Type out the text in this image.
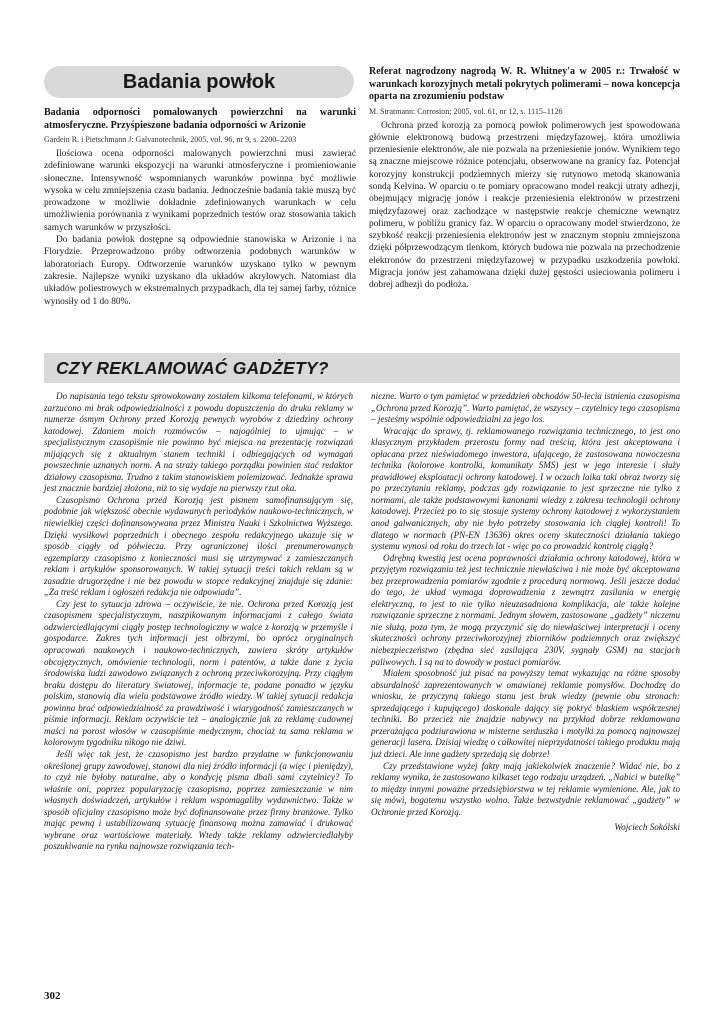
Badania powłok
Badania odporności pomalowanych powierzchni na warunki atmosferyczne. Przyśpieszone badania odporności w Arizonie
Gardein R. i Pietschmann J: Galvanotechnik, 2005, vol. 96, nr 9, s. 2200–2203

Ilościowa ocena odporności malowanych powierzchni musi zawierać zdefiniowane warunki ekspozycji na warunki atmosferyczne i promieniowanie słoneczne. Intensywność wspomnianych warunków powinna być możliwie wysoka w celu zmniejszenia czasu badania. Jednocześnie badania takie muszą być prowadzone w możliwie dokładnie zdefiniowanych warunkach w celu umożliwienia porównania z wynikami poprzednich testów oraz stosowania takich samych warunków w przyszłości.

Do badania powłok dostępne są odpowiednie stanowiska w Arizonie i na Florydzie. Przeprowadzono próby odtworzenia podobnych warunków w laboratoriach Europy. Odtworzenie warunków uzyskano tylko w pewnym zakresie. Najlepsze wyniki uzyskano dla układów akrylowych. Natomiast dla układów poliestrowych w ekstremalnych przypadkach, dla tej samej farby, różnice wynosiły od 1 do 80%.

Referat nagrodzony nagrodą W. R. Whitney'a w 2005 r.: Trwałość w warunkach korozyjnych metali pokrytych polimerami – nowa koncepcja oparta na zrozumieniu podstaw
M. Stratmann: Corrosion; 2005, vol. 61, nr 12, s. 1115–1126

Ochrona przed korozją za pomocą powłok polimerowych jest spowodowana głównie elektronową budową przestrzeni międzyfazowej, która umożliwia przeniesienie elektronów, ale nie pozwala na przeniesienie jonów. Wynikiem tego są znaczne miejscowe różnice potencjału, obserwowane na granicy faz. Potencjał korozyjny konstrukcji podziemnych mierzy się rutynowo metodą skanowania sondą Kelvina. W oparciu o te pomiary opracowano model reakcji utraty adhezji, obejmujący migrację jonów i reakcje przeniesienia elektronów w przestrzeni międzyfazowej oraz zachodzące w następstwie reakcje chemiczne wewnątrz polimeru, w pobliżu granicy faz. W oparciu o opracowany model stwierdzono, że szybkość reakcji przeniesienia elektronów jest w znacznym stopniu zmniejszona dzięki półprzewodzącym tlenkom, których budowa nie pozwala na przechodzenie elektronów do przestrzeni międzyfazowej w przypadku uszkodzenia powłoki. Migracja jonów jest zahamowana dzięki dużej gęstości usieciowania polimeru i dobrej adhezji do podłoża.

CZY REKLAMOWAĆ GADŻETY?

Do napisania tego tekstu sprowokowany zostałem kilkoma telefonami, w których zarzucono mi brak odpowiedzialności z powodu dopuszczenia do druku reklamy w numerze ósmym Ochrony przed Korozją pewnych wyrobów z dziedziny ochrony katodowej. Zdaniem moich rozmówców – najogólniej to ujmując – w specjalistycznym czasopiśmie nie powinno być miejsca na prezentację rozwiązań mijających się z aktualnym stanem techniki i odbiegających od wymagań powszechnie uznanych norm. A na straży takiego porządku powinien stać redaktor działowy czasopisma. Trudno z takim stanowiskiem polemizować. Jednakże sprawa jest znacznie bardziej złożona, niż to się wydaje na pierwszy rzut oka.

Czasopismo Ochrona przed Korozją jest pismem samofinansującym się, podobnie jak większość obecnie wydawanych periodyków naukowo-technicznych, w niewielkiej części dofinansowywana przez Ministra Nauki i Szkolnictwa Wyższego. Dzięki wysiłkowi poprzednich i obecnego zespołu redakcyjnego ukazuje się w sposób ciągły od półwiecza. Przy ograniczonej ilości prenumerowanych egzemplarzy czasopismo z konieczności musi się utrzymywać z zamieszczanych reklam i artykułów sponsorowanych. W takiej sytuacji treści takich reklam są w zasadzie drugorzędne i nie bez powodu w stopce redakcyjnej znajduje się zdanie: „Za treść reklam i ogłoszeń redakcja nie odpowiada”.

Czy jest to sytuacja zdrowa – oczywiście, że nie. Ochrona przed Korozją jest czasopismem specjalistycznym, naszpikowanym informacjami z całego świata odzwierciedlającymi ciągły postęp technologiczny w walce z korozją w przemyśle i gospodarce. Zakres tych informacji jest olbrzymi, bo oprócz oryginalnych opracowań naukowych i naukowo-technicznych, zawiera skróty artykułów obcojęzycznych, omówienie technologii, norm i patentów, a także dane z życia środowiska ludzi zawodowo związanych z ochroną przeciwkorozyjną. Przy ciągłym braku dostępu do literatury światowej, informacje te, podane ponadto w języku polskim, stanowią dla wielu podstawowe źródło wiedzy. W takiej sytuacji redakcja powinna brać odpowiedzialność za prawdziwość i wiarygodność zamieszczanych w piśmie informacji. Reklam oczywiście też – analogicznie jak za reklamę cudownej maści na porost włosów w czasopiśmie medycznym, chociaż ta sama reklama w kolorowym tygodniku nikogo nie dziwi.

Jeśli więc tak jest, że czasopismo jest bardzo przydatne w funkcjonowaniu określonej grupy zawodowej, stanowi dla niej źródło informacji (a więc i pieniędzy), to czyż nie byłoby naturalne, aby o kondycję pisma dbali sami czytelnicy? To właśnie oni, poprzez popularyzację czasopisma, poprzez zamieszczanie w nim własnych doświadczeń, artykułów i reklam wspomagaliby wydawnictwo. Także w sposób oficjalny czasopismo może być dofinansowane przez firmy branżowe. Tylko mając pewną i ustabilizowaną sytuację finansową można zamawiać i drukować wybrane oraz wartościowe materiały. Wtedy także reklamy odzwierciedlałyby poszukiwanie na rynku najnowsze rozwiązania tech-

niczne. Warto o tym pamiętać w przeddzień obchodów 50-lecia istnienia czasopisma „Ochrona przed Korozją”. Warto pamiętać, że wszyscy – czytelnicy tego czasopisma – jesteśmy wspólnie odpowiedzialni za jego los.

Wracając do sprawy, tj. reklamowanego rozwiązania technicznego, to jest ono klasycznym przykładem przerostu formy nad treścią, która jest akceptowana i opłacana przez nieświadomego inwestora, ufającego, że zastosowana nowoczesna technika (kolorowe kontrolki, komunikaty SMS) jest w jego interesie i służy prawidłowej eksploatacji ochrony katodowej. I w oczach laika taki obraz tworzy się po przeczytaniu reklamy, podczas gdy rozwiązanie to jest sprzeczne nie tylko z normami, ale także podstawowymi kanonami wiedzy z zakresu technologii ochrony katodowej. Przecież po to się stosuje systemy ochrony katodowej z wykorzystaniem anod galwanicznych, aby nie było potrzeby stosowania ich ciągłej kontroli! To dlatego w normach (PN-EN 13636) okres oceny skuteczności działania takiego systemu wynosi od roku do trzech lat - więc po co prowadzić kontrolę ciągłą?

Odrębną kwestią jest ocena poprawności działania ochrony katodowej, która w przyjętym rozwiązaniu też jest technicznie niewłaściwa i nie może być akceptowana bez przeprowadzenia pomiarów zgodnie z procedurą normową. Jeśli jeszcze dodać do tego, że układ wymaga doprowadzenia z zewnątrz zasilania w energię elektryczną, to jest to nie tylko nieuzasadniona komplikacja, ale także kolejne rozwiązanie sprzeczne z normami. Jednym słowem, zastosowane „gadżety” niczemu nie służą, poza tym, że mogą przyczynić się do niewłaściwej interpretacji i oceny skuteczności ochrony przeciwkorozyjnej zbiorników podziemnych oraz zwiększyć niebezpieczeństwo (zbędna sieć zasilająca 230V, sygnały GSM) na stacjach paliwowych. I są na to dowody w postaci pomiarów.

Miałem sposobność już pisać na powyższy temat wykazując na różne sposoby absurdalność zaprezentowanych w omawianej reklamie pomysłów. Dochodzę do wniosku, że przyczyną takiego stanu jest brak wiedzy (pewnie obu stronach: sprzedającego i kupującego) doskonale dający się pokryć blaskiem współczesnej techniki. Bo przecież nie znajdzie nabywcy na przykład dobrze reklamowana przerażająca podziurawiona w misterne serduszka i motylki za pomocą najnowszej generacji lasera. Dzisiaj wiedzę o całkowitej nieprzydatności takiego produktu mają już dzieci. Ale inne gadżety sprzedają się dobrze!

Czy przedstawione wyżej fakty mają jakiekolwiek znaczenie? Widać nie, bo z reklamy wynika, że zastosowano kilkaset tego rodzaju urządzeń. „Nabici w butelkę” to między innymi poważne przedsiębiorstwa w tej reklamie wymienione. Ale, jak to się mówi, bogatemu wszystko wolno. Także bezwstydnie reklamować „gadżety” w Ochronie przed Korozją.

Wojciech Sokólski
302
